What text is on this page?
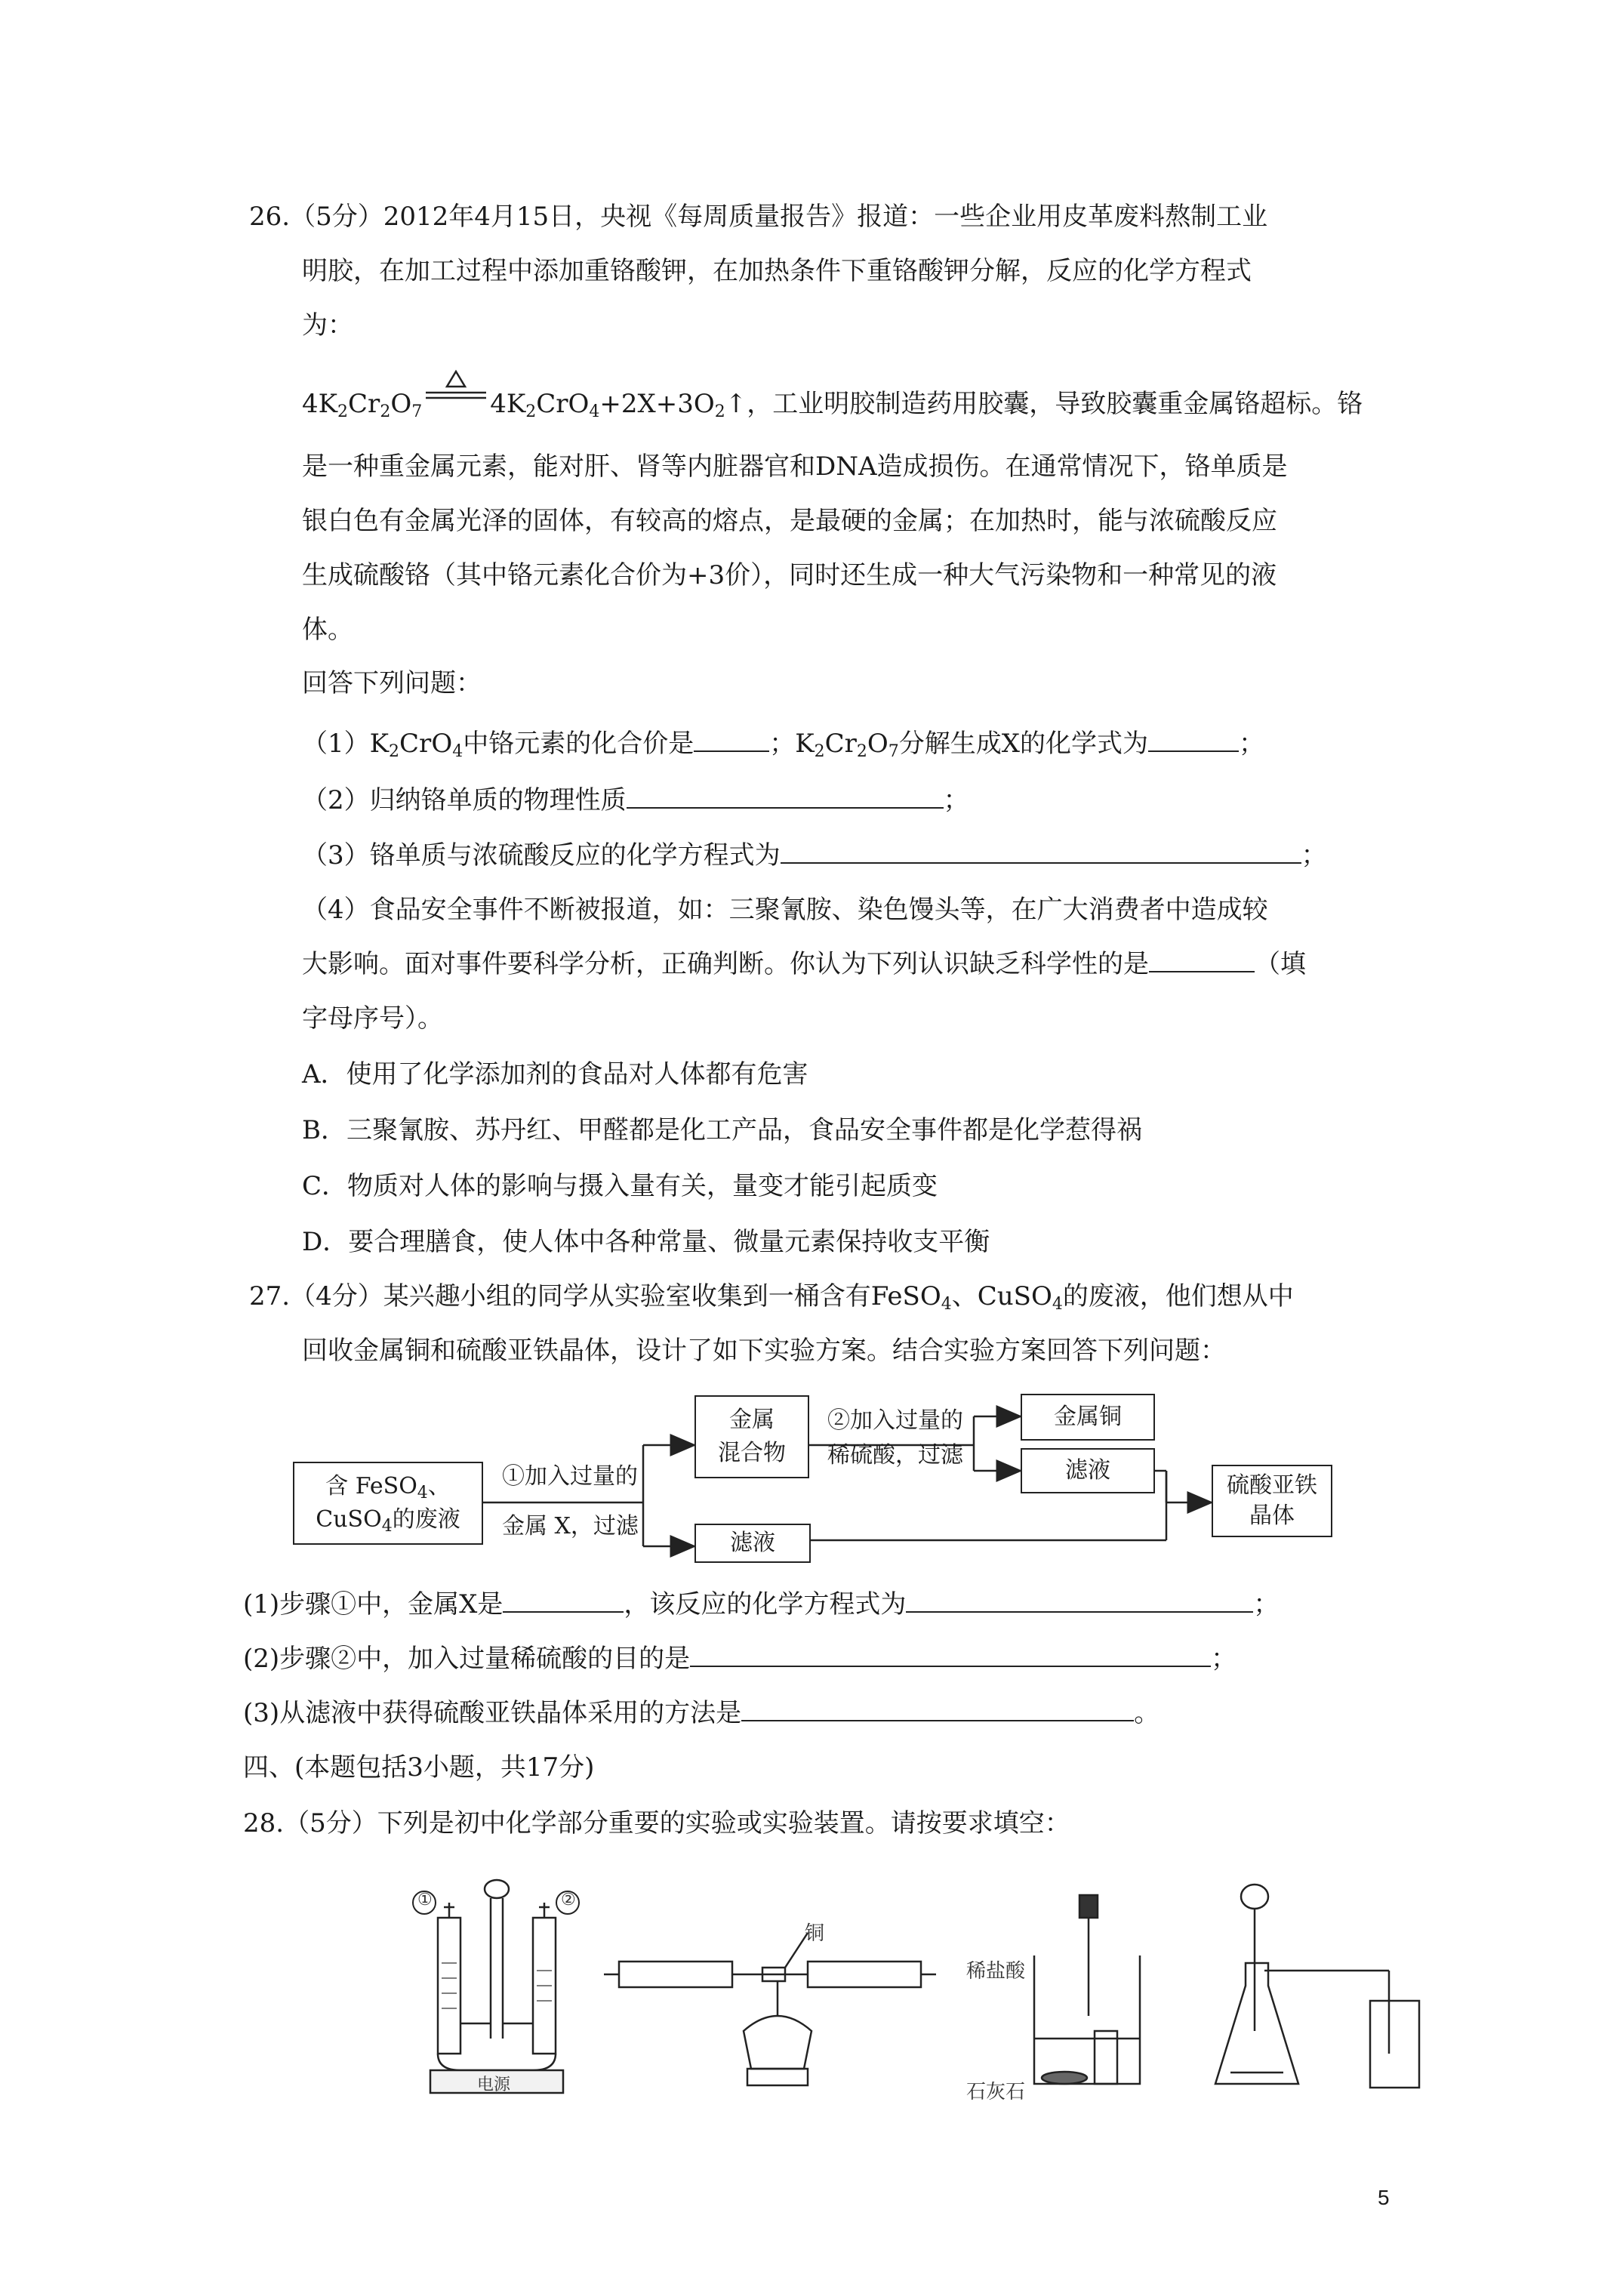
26.（5分）2012年4月15日，央视《每周质量报告》报道：一些企业用皮革废料熬制工业
明胶，在加工过程中添加重铬酸钾，在加热条件下重铬酸钾分解，反应的化学方程式
为：
$4K_2Cr_2O_7$	$4K_2CrO_4+2X+3O_2↑$，工业明胶制造药用胶囊，导致胶囊重金属铬超标。铬
是一种重金属元素，能对肝、肾等内脏器官和DNA造成损伤。在通常情况下，铬单质是
银白色有金属光泽的固体，有较高的熔点，是最硬的金属；在加热时，能与浓硫酸反应
生成硫酸铬（其中铬元素化合价为+3价），同时还生成一种大气污染物和一种常见的液
体。
回答下列问题：
$(1)K_2CrO_4$中铬元素的化合价是	；$K_2Cr_2O_7$分解生成X的化学式为	；
（2）归纳铬单质的物理性质	；
（3）铬单质与浓硫酸反应的化学方程式为	；
（4）食品安全事件不断被报道，如：三聚氰胺、染色馒头等，在广大消费者中造成较
大影响。面对事件要科学分析，正确判断。你认为下列认识缺乏科学性的是	（填
字母序号）。
A．使用了化学添加剂的食品对人体都有危害
B．三聚氰胺、苏丹红、甲醛都是化工产品，食品安全事件都是化学惹得祸
C．物质对人体的影响与摄入量有关，量变才能引起质变
D．要合理膳食，使人体中各种常量、微量元素保持收支平衡
27.（4分）某兴趣小组的同学从实验室收集到一桶含有FeSO$_4$、CuSO$_4$的废液，他们想从中
回收金属铜和硫酸亚铁晶体，设计了如下实验方案。结合实验方案回答下列问题：
含 FeSO$_4$、
CuSO$_4$的废液
①加入过量的
金属 X，过滤
金属
混合物
滤液
②加入过量的
稀硫酸，过滤
金属铜
滤液
硫酸亚铁
晶体
(1)步骤①中，金属X是	，该反应的化学方程式为	；
(2)步骤②中，加入过量稀硫酸的目的是	；
(3)从滤液中获得硫酸亚铁晶体采用的方法是	。
四、(本题包括3小题，共17分)
28.（5分）下列是初中化学部分重要的实验或实验装置。请按要求填空：
①	②
电源
铜
稀盐酸
石灰石
5
